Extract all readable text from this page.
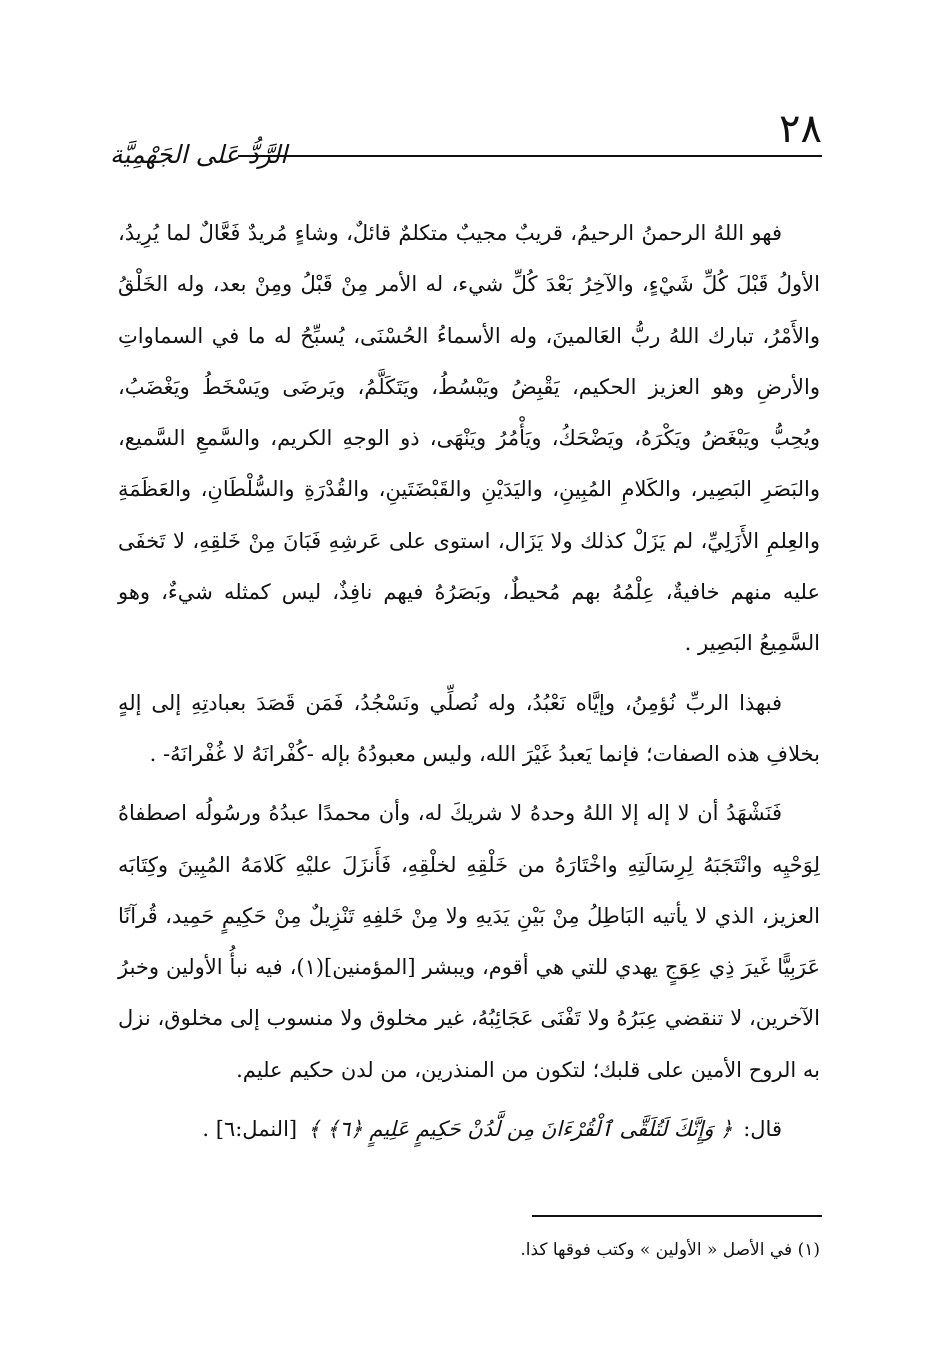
٢٨
الرَّدُّ عَلى الجَهْمِيَّة

فهو اللهُ الرحمنُ الرحيمُ، قريبٌ مجيبٌ متكلمٌ قائلٌ، وشاءٍ مُريدٌ فَعَّالٌ لما يُرِيدُ، الأولُ قَبْلَ كُلِّ شَيْءٍ، والآخِرُ بَعْدَ كُلِّ شيء، له الأمر مِنْ قَبْلُ ومِنْ بعد، وله الخَلْقُ والأَمْرُ، تبارك اللهُ ربُّ العَالمينَ، وله الأسماءُ الحُسْنَى، يُسبِّحُ له ما في السماواتِ والأرضِ وهو العزيز الحكيم، يَقْبِضُ ويَبْسُطُ، ويَتَكَلَّمُ، ويَرضَى ويَسْخَطُ ويَغْضَبُ، ويُحِبُّ ويَبْغَضُ ويَكْرَهُ، ويَضْحَكُ، ويَأْمُرُ ويَنْهَى، ذو الوجهِ الكريم، والسَّمعِ السَّميع، والبَصَرِ البَصِير، والكَلامِ المُبِينِ، واليَدَيْنِ والقَبْضَتَينِ، والقُدْرَةِ والسُّلْطَانِ، والعَظَمَةِ والعِلمِ الأَزَلِيِّ، لم يَزَلْ كذلك ولا يَزَال، استوى على عَرشِهِ فَبَانَ مِنْ خَلقِهِ، لا تَخفَى عليه منهم خافيةٌ، عِلْمُهُ بهم مُحيطٌ، وبَصَرُهُ فيهم نافِذٌ، ليس كمثله شيءٌ، وهو السَّمِيعُ البَصِير .

فبهذا الربِّ نُؤمِنُ، وإيَّاه نَعْبُدُ، وله نُصلِّي ونَسْجُدُ، فَمَن قَصَدَ بعبادتِهِ إلى إلهٍ بخلافِ هذه الصفات؛ فإنما يَعبدُ غَيْرَ الله، وليس معبودُهُ بإله -كُفْرانَهُ لا غُفْرانَهُ- .

فَنَشْهَدُ أن لا إله إلا اللهُ وحدهُ لا شريكَ له، وأن محمدًا عبدُهُ ورسُولُه اصطفاهُ لِوَحْيِه وانْتَجَبَهُ لِرِسَالَتِهِ واخْتَارَهُ من خَلْقِهِ لخلْقِهِ، فَأَنزَلَ عليْهِ كَلامَهُ المُبِينَ وكِتَابَه العزيز، الذي لا يأتيه البَاطِلُ مِنْ بَيْنِ يَدَيهِ ولا مِنْ خَلفِهِ تَنْزِيلٌ مِنْ حَكِيمٍ حَمِيد، قُرآنًا عَرَبِيًّا غَيرَ ذِي عِوَجٍ يهدي للتي هي أقوم، ويبشر [المؤمنين](١)، فيه نبأُ الأولين وخبرُ الآخرين، لا تنقضي عِبَرُهُ ولا تَفْنَى عَجَائِبُهُ، غير مخلوق ولا منسوب إلى مخلوق، نزل به الروح الأمين على قلبك؛ لتكون من المنذرين، من لدن حكيم عليم.

قال: ﴿ وَإِنَّكَ لَتُلَقَّى ٱلْقُرْءَانَ مِن لَّدُنْ حَكِيمٍ عَلِيمٍ ﴿٦﴾ ﴾ [النمل:٦] .
(١) في الأصل « الأولين » وكتب فوقها كذا.
